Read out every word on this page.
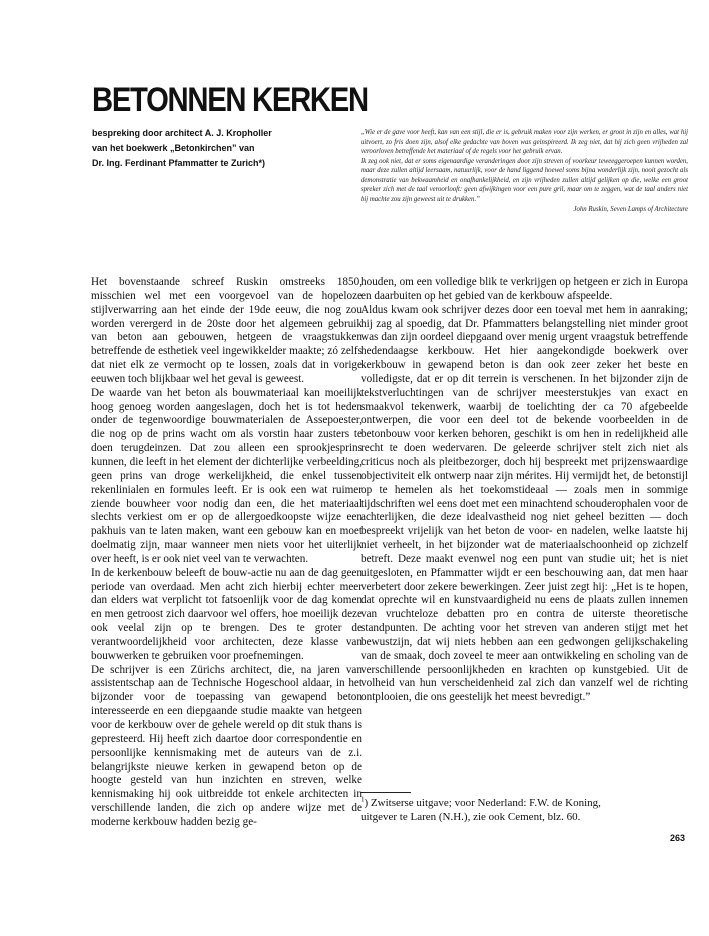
BETONNEN KERKEN
bespreking door architect A. J. Kropholler
van het boekwerk „Betonkirchen” van
Dr. Ing. Ferdinant Pfammatter te Zurich*)

„Wie er de gave voor heeft, kan van een stijl, die er is, gebruik maken voor zijn werken, er groot in zijn en alles, wat hij uitvoert, zo fris doen zijn, alsof elke gedachte van boven was geinspireerd. Ik zeg niet, dat hij zich geen vrijheden zal veroorloven betreffende het materiaal of de regels voor het gebruik ervan.

Ik zeg ook niet, dat er soms eigenaardige veranderingen door zijn streven of voorkeur teweeggeroepen kunnen worden, maar deze zullen altijd leersaam, natuurlijk, voor de hand liggend hoewel soms bijna wonderlijk zijn, nooit gezocht als demonstratie van bekwaamheid en onafhankelijkheid, en zijn vrijheden zullen altijd gelijken op die, welke een groot spreker zich met de taal veroorlooft: geen afwijkingen voor een pure gril, maar om te zeggen, wat de taal anders niet bij machte zou zijn geweest uit te drukken.”

John Ruskin, Seven Lamps of Architecture

Het bovenstaande schreef Ruskin omstreeks 1850, misschien wel met een voorgevoel van de hopeloze stijlverwarring aan het einde der 19de eeuw, die nog zou worden verergerd in de 20ste door het algemeen gebruik van beton aan gebouwen, hetgeen de vraagstukken betreffende de esthetiek veel ingewikkelder maakte; zó zelfs dat niet elk ze vermocht op te lossen, zoals dat in vorige eeuwen toch blijkbaar wel het geval is geweest.

De waarde van het beton als bouwmateriaal kan moeilijk hoog genoeg worden aangeslagen, doch het is tot heden onder de tegenwoordige bouwmaterialen de Assepoester, die nog op de prins wacht om als vorstin haar zusters te doen terugdeinzen. Dat zou alleen een sprookjesprins kunnen, die leeft in het element der dichterlijke verbeelding, geen prins van droge werkelijkheid, die enkel tussen rekenlinialen en formules leeft. Er is ook een wat ruimer ziende bouwheer voor nodig dan een, die het materiaal slechts verkiest om er op de allergoedkoopste wijze een pakhuis van te laten maken, want een gebouw kan en moet doelmatig zijn, maar wanneer men niets voor het uiterlijk over heeft, is er ook niet veel van te verwachten.

In de kerkenbouw beleeft de bouw-actie nu aan de dag geen periode van overdaad. Men acht zich hierbij echter meer dan elders wat verplicht tot fatsoenlijk voor de dag komen en men getroost zich daarvoor wel offers, hoe moeilijk deze ook veelal zijn op te brengen. Des te groter de verantwoordelijkheid voor architecten, deze klasse van bouwwerken te gebruiken voor proefnemingen.

De schrijver is een Zürichs architect, die, na jaren van assistentschap aan de Technische Hogeschool aldaar, in het bijzonder voor de toepassing van gewapend beton interesseerde en een diepgaande studie maakte van hetgeen voor de kerkbouw over de gehele wereld op dit stuk thans is gepresteerd. Hij heeft zich daartoe door correspondentie en persoonlijke kennismaking met de auteurs van de z.i. belangrijkste nieuwe kerken in gewapend beton op de hoogte gesteld van hun inzichten en streven, welke kennismaking hij ook uitbreidde tot enkele architecten in verschillende landen, die zich op andere wijze met de moderne kerkbouw hadden bezig ge-

houden, om een volledige blik te verkrijgen op hetgeen er zich in Europa en daarbuiten op het gebied van de kerkbouw afspeelde.

Aldus kwam ook schrijver dezes door een toeval met hem in aanraking; hij zag al spoedig, dat Dr. Pfammatters belangstelling niet minder groot was dan zijn oordeel diepgaand over menig urgent vraagstuk betreffende hedendaagse kerkbouw. Het hier aangekondigde boekwerk over kerkbouw in gewapend beton is dan ook zeer zeker het beste en volledigste, dat er op dit terrein is verschenen. In het bijzonder zijn de tekstverluchtingen van de schrijver meesterstukjes van exact en smaakvol tekenwerk, waarbij de toelichting der ca 70 afgebeelde ontwerpen, die voor een deel tot de bekende voorbeelden in de betonbouw voor kerken behoren, geschikt is om hen in redelijkheid alle recht te doen wedervaren. De geleerde schrijver stelt zich niet als criticus noch als pleitbezorger, doch hij bespreekt met prijzenswaardige objectiviteit elk ontwerp naar zijn mérites. Hij vermijdt het, de betonstijl op te hemelen als het toekomstideaal — zoals men in sommige tijdschriften wel eens doet met een minachtend schouderophalen voor de achterlijken, die deze idealvastheid nog niet geheel bezitten — doch bespreekt vrijelijk van het beton de voor- en nadelen, welke laatste hij niet verheelt, in het bijzonder wat de materiaalschoonheid op zichzelf betreft. Deze maakt evenwel nog een punt van studie uit; het is niet uitgesloten, en Pfammatter wijdt er een beschouwing aan, dat men haar verbetert door zekere bewerkingen. Zeer juist zegt hij: „Het is te hopen, dat oprechte wil en kunstvaardigheid nu eens de plaats zullen innemen van vruchteloze debatten pro en contra de uiterste theoretische standpunten. De achting voor het streven van anderen stijgt met het bewustzijn, dat wij niets hebben aan een gedwongen gelijkschakeling van de smaak, doch zoveel te meer aan ontwikkeling en scholing van de verschillende persoonlijkheden en krachten op kunstgebied. Uit de volheid van hun verscheidenheid zal zich dan vanzelf wel de richting ontplooien, die ons geestelijk het meest bevredigt.”

$^1$) Zwitserse uitgave; voor Nederland: F.W. de Koning,
uitgever te Laren (N.H.), zie ook Cement, blz. 60.
263
